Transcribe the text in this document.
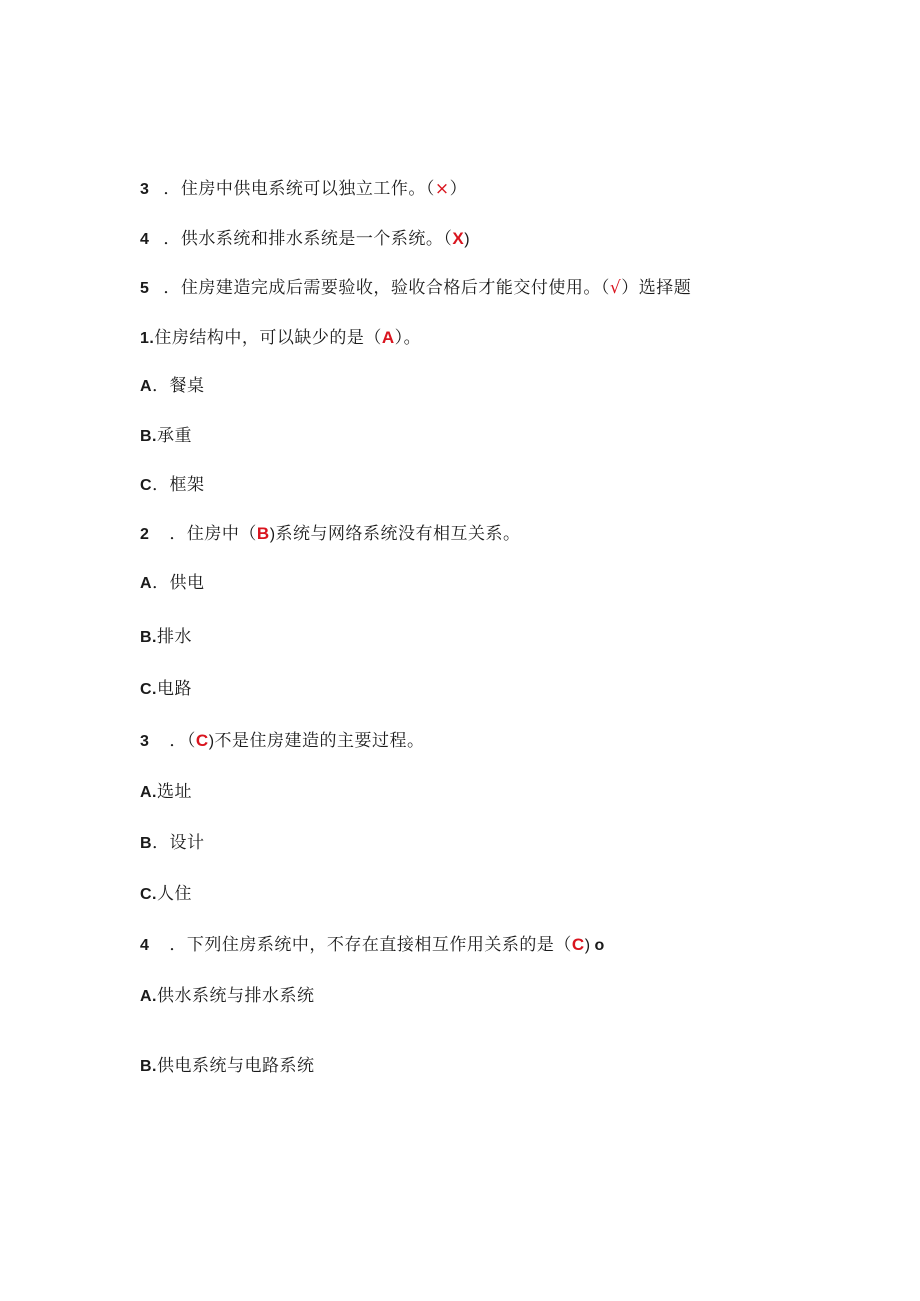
3 ．住房中供电系统可以独立工作。（×）
4 ．供水系统和排水系统是一个系统。（X)
5 ．住房建造完成后需要验收，验收合格后才能交付使用。（√）选择题
1.住房结构中，可以缺少的是（A）。
A．餐桌
B.承重
C．框架
2 ．住房中（B)系统与网络系统没有相互关系。
A．供电
B.排水
C.电路
3 ．（C)不是住房建造的主要过程。
A.选址
B．设计
C.人住
4 ．下列住房系统中，不存在直接相互作用关系的是（C) o
A.供水系统与排水系统
B.供电系统与电路系统
